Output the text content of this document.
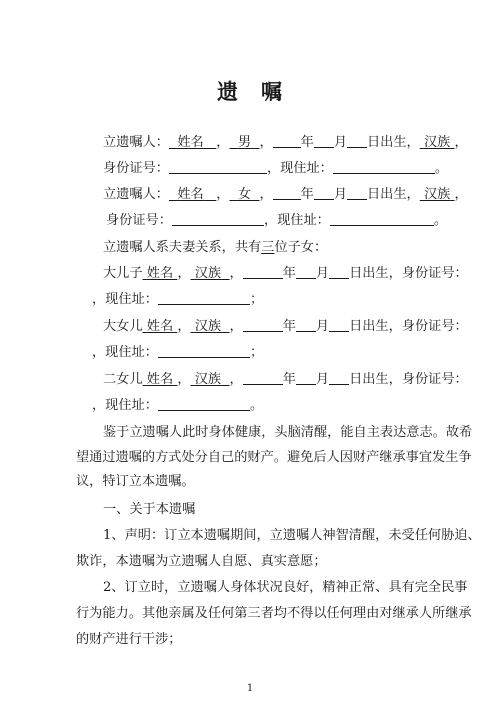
遗　嘱
立遗嘱人： 姓名 ， 男 ， 年 月 日出生， 汉族 ，
身份证号：	，现住址：	。
立遗嘱人： 姓名 ， 女 ， 年 月 日出生， 汉族 ，
身份证号：	，现住址：	。
立遗嘱人系夫妻关系，共有三位子女：
大儿子 姓名 ， 汉族 ，	年 月 日出生，身份证号：
，现住址：	；
大女儿 姓名 ， 汉族 ，	年 月 日出生，身份证号：
，现住址：	；
二女儿 姓名 ， 汉族 ，	年 月 日出生，身份证号：
，现住址：	。
鉴于立遗嘱人此时身体健康，头脑清醒，能自主表达意志。故希
望通过遗嘱的方式处分自己的财产。避免后人因财产继承事宜发生争
议，特订立本遗嘱。
一、关于本遗嘱
1、声明：订立本遗嘱期间，立遗嘱人神智清醒，未受任何胁迫、
欺诈，本遗嘱为立遗嘱人自愿、真实意愿；
2、订立时，立遗嘱人身体状况良好，精神正常、具有完全民事
行为能力。其他亲属及任何第三者均不得以任何理由对继承人所继承
的财产进行干涉；
1
